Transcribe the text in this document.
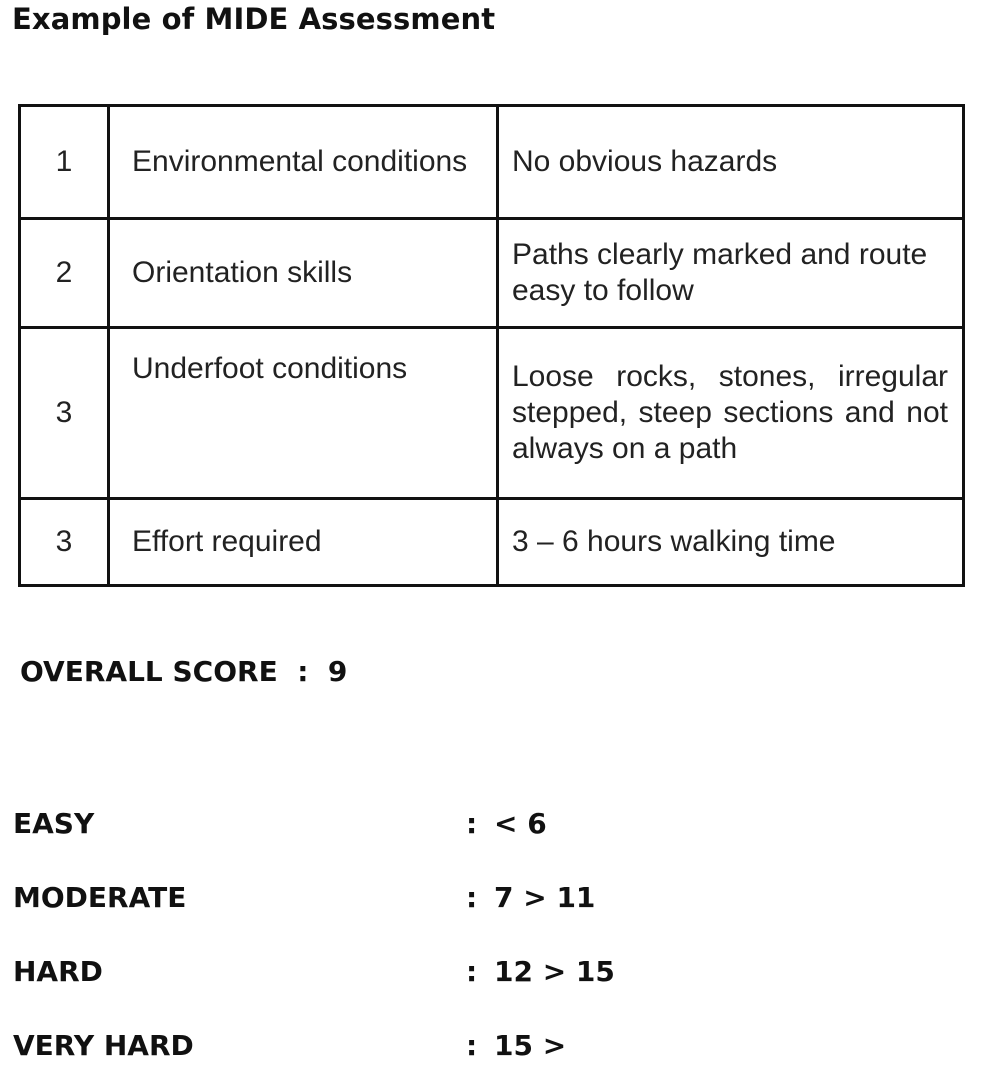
Example of MIDE Assessment
1	Environmental conditions	No obvious hazards
2	Orientation skills	Paths clearly marked and route easy to follow
3	Underfoot conditions	Loose rocks, stones, irregular stepped, steep sections and not always on a path
3	Effort required	3 – 6 hours walking time
OVERALL SCORE : 9
EASY	: < 6
MODERATE	: 7 > 11
HARD	: 12 > 15
VERY HARD	: 15 >
